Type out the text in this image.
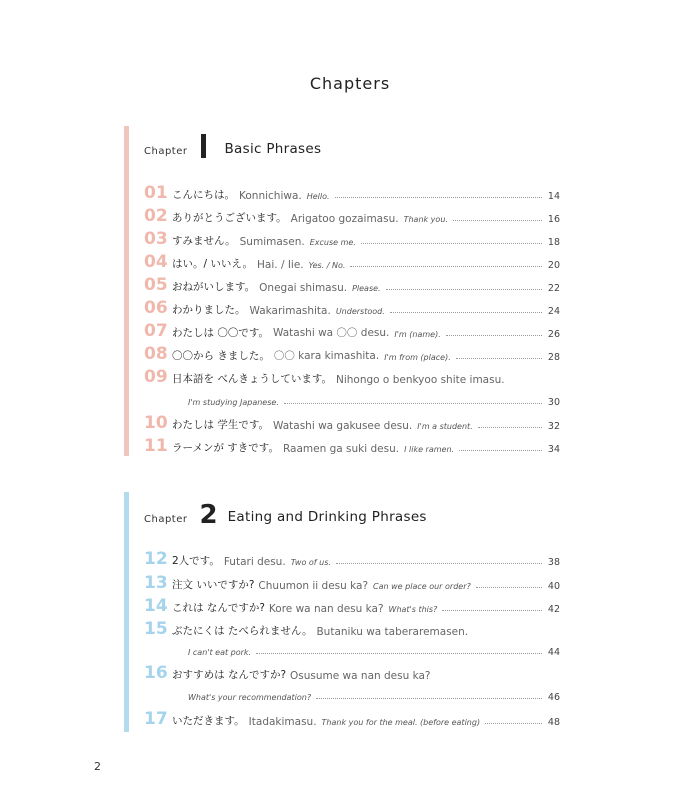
Chapters
Chapter	Basic Phrases
01 こんにちは。 Konnichiwa. Hello.	14
02 ありがとうございます。 Arigatoo gozaimasu. Thank you.	16
03 すみません。 Sumimasen. Excuse me.	18
04 はい。/ いいえ。 Hai. / Iie. Yes. / No.	20
05 おねがいします。 Onegai shimasu. Please.	22
06 わかりました。 Wakarimashita. Understood.	24
07 わたしは 〇〇です。 Watashi wa 〇〇 desu. I'm (name).	26
08 〇〇から きました。 〇〇 kara kimashita. I'm from (place).	28
09 日本語を べんきょうしています。 Nihongo o benkyoo shite imasu.
I'm studying Japanese.	30
10 わたしは 学生です。 Watashi wa gakusee desu. I'm a student.	32
11 ラーメンが すきです。 Raamen ga suki desu. I like ramen.	34
Chapter 2 Eating and Drinking Phrases
12 2人です。 Futari desu. Two of us.	38
13 注文 いいですか? Chuumon ii desu ka? Can we place our order?	40
14 これは なんですか? Kore wa nan desu ka? What's this?	42
15 ぶたにくは たべられません。 Butaniku wa taberaremasen.
I can't eat pork.	44
16 おすすめは なんですか? Osusume wa nan desu ka?
What's your recommendation?	46
17 いただきます。 Itadakimasu. Thank you for the meal. (before eating)	48
2
